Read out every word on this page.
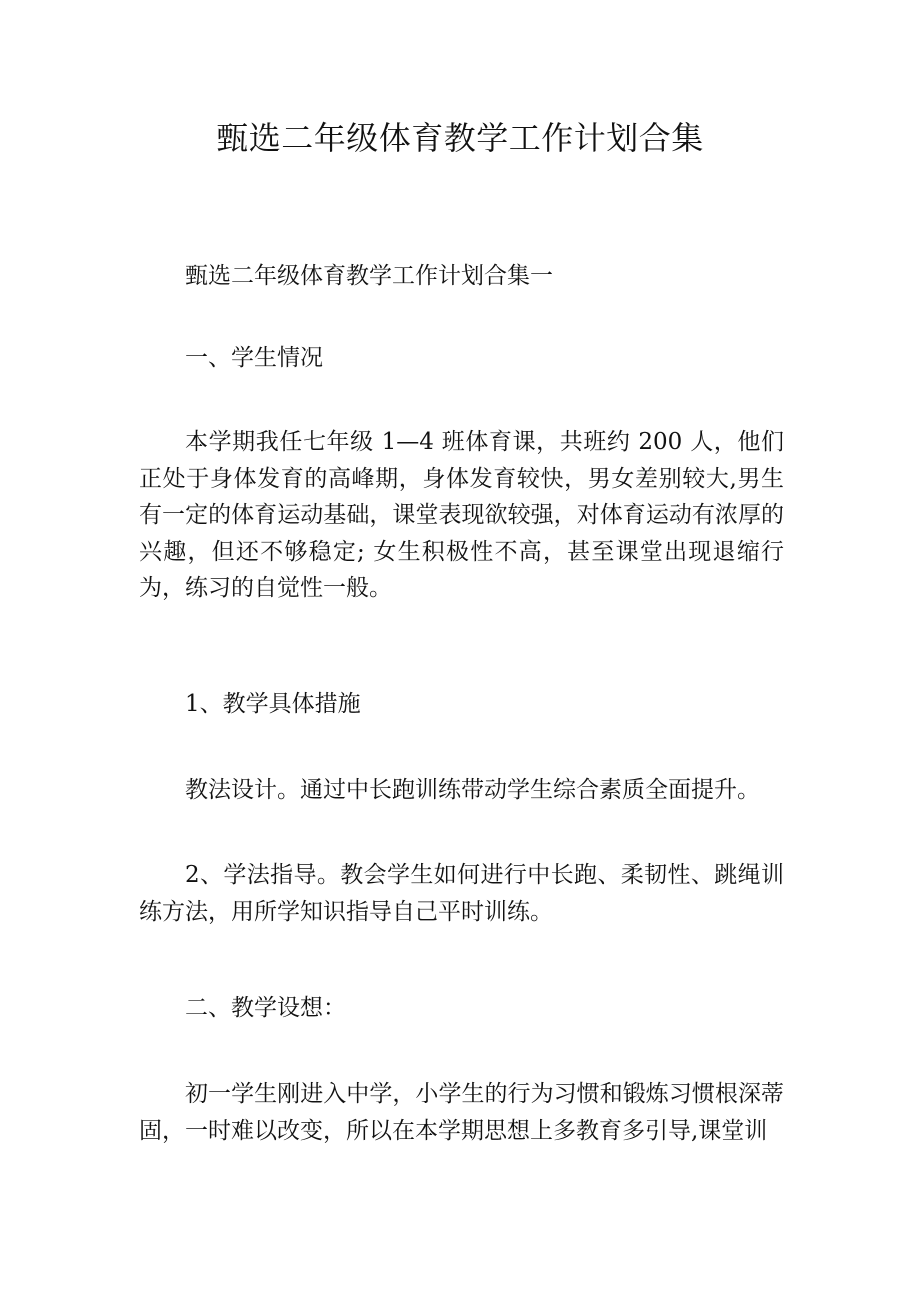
甄选二年级体育教学工作计划合集

甄选二年级体育教学工作计划合集一

一、学生情况

本学期我任七年级 1—4 班体育课，共班约 200 人，他们正处于身体发育的高峰期，身体发育较快，男女差别较大,男生有一定的体育运动基础，课堂表现欲较强，对体育运动有浓厚的兴趣，但还不够稳定; 女生积极性不高，甚至课堂出现退缩行为，练习的自觉性一般。

1、教学具体措施

教法设计。通过中长跑训练带动学生综合素质全面提升。

2、学法指导。教会学生如何进行中长跑、柔韧性、跳绳训练方法，用所学知识指导自己平时训练。

二、教学设想：

初一学生刚进入中学，小学生的行为习惯和锻炼习惯根深蒂固，一时难以改变，所以在本学期思想上多教育多引导,课堂训
